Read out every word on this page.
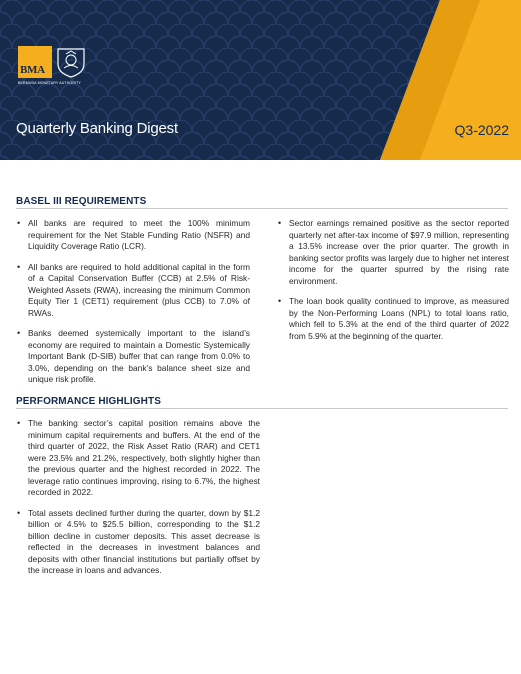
BMA
BERMUDA MONETARY AUTHORITY
Quarterly Banking Digest	Q3-2022
BASEL III REQUIREMENTS
• All banks are required to meet the 100% minimum requirement for the Net Stable Funding Ratio (NSFR) and Liquidity Coverage Ratio (LCR).
• All banks are required to hold additional capital in the form of a Capital Conservation Buffer (CCB) at 2.5% of Risk-Weighted Assets (RWA), increasing the minimum Common Equity Tier 1 (CET1) requirement (plus CCB) to 7.0% of RWAs.
• Banks deemed systemically important to the island’s economy are required to maintain a Domestic Systemically Important Bank (D-SIB) buffer that can range from 0.0% to 3.0%, depending on the bank’s balance sheet size and unique risk profile.
• Sector earnings remained positive as the sector reported quarterly net after-tax income of $97.9 million, representing a 13.5% increase over the prior quarter. The growth in banking sector profits was largely due to higher net interest income for the quarter spurred by the rising rate environment.
• The loan book quality continued to improve, as measured by the Non-Performing Loans (NPL) to total loans ratio, which fell to 5.3% at the end of the third quarter of 2022 from 5.9% at the beginning of the quarter.
PERFORMANCE HIGHLIGHTS
• The banking sector’s capital position remains above the minimum capital requirements and buffers. At the end of the third quarter of 2022, the Risk Asset Ratio (RAR) and CET1 were 23.5% and 21.2%, respectively, both slightly higher than the previous quarter and the highest recorded in 2022. The leverage ratio continues improving, rising to 6.7%, the highest recorded in 2022.
• Total assets declined further during the quarter, down by $1.2 billion or 4.5% to $25.5 billion, corresponding to the $1.2 billion decline in customer deposits. This asset decrease is reflected in the decreases in investment balances and deposits with other financial institutions but partially offset by the increase in loans and advances.
